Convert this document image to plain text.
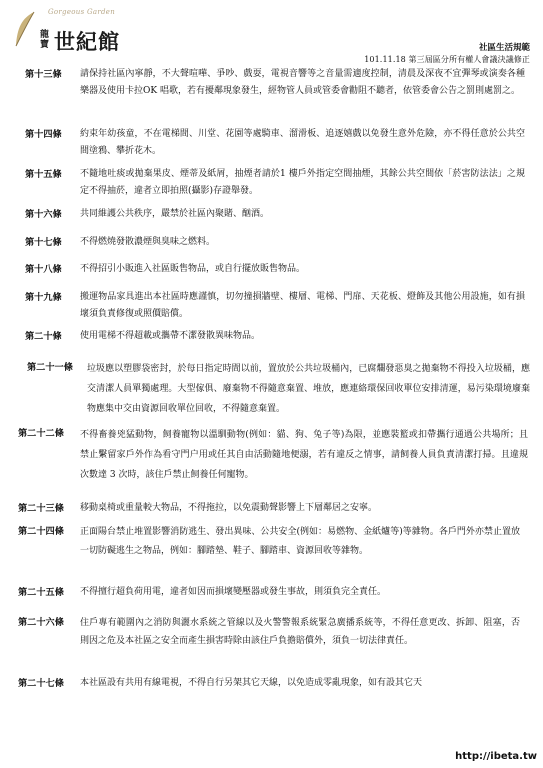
Gorgeous Garden
龍寶 世紀館	社區生活規範
101.11.18 第三屆區分所有權人會議決議修正
第十三條 請保持社區內寧靜，不大聲喧嘩、爭吵、戲耍，電視音響等之音量需適度控制，清晨及深夜不宜彈琴或演奏各種樂器及使用卡拉OK 唱歌，若有擾鄰現象發生，經物管人員或管委會勸阻不聽者，依管委會公告之罰則處罰之。
第十四條 約束年幼孩童，不在電梯間、川堂、花園等處騎車、溜滑板、追逐嬉戲以免發生意外危險，亦不得任意於公共空間塗鴉、攀折花木。
第十五條 不隨地吐痰或拋棄果皮、煙蒂及紙屑，抽煙者請於1 樓戶外指定空間抽煙，其餘公共空間依「菸害防法法」之規定不得抽菸，違者立即拍照(攝影)存證舉發。
第十六條 共同維護公共秩序，嚴禁於社區內聚賭、酗酒。
第十七條 不得燃燒發散濃煙與臭味之燃料。
第十八條 不得招引小販進入社區販售物品，或自行擺放販售物品。
第十九條 搬運物品家具進出本社區時應謹慎，切勿撞損牆壁、樓層、電梯、門扉、天花板、燈飾及其他公用設施，如有損壞須負責修復或照價賠償。
第二十條 使用電梯不得超載或攜帶不潔發散異味物品。
第二十一條 垃圾應以塑膠袋密封，於每日指定時間以前，置放於公共垃圾桶內，已腐爛發惡臭之拋棄物不得投入垃圾桶，應交清潔人員單獨處理。大型傢俱、廢棄物不得隨意棄置、堆放，應連絡環保回收單位安排清運，易污染環境廢棄物應集中交由資源回收單位回收，不得隨意棄置。
第二十二條 不得畜養兇猛動物，飼養寵物以溫馴動物(例如：貓、狗、兔子等)為限，並應裝籃或扣帶攜行通過公共場所；且禁止繫留家戶外作為看守門户用或任其自由活動隨地便溺，若有違反之情事，請飼養人員負責清潔打掃。且違規次數達 3 次時，該住戶禁止飼養任何寵物。
第二十三條 移動桌椅或重量較大物品，不得拖拉，以免震動聲影響上下層鄰居之安寧。
第二十四條 正面陽台禁止堆置影響消防逃生、發出異味、公共安全(例如：易燃物、金紙爐等)等雜物。各戶門外亦禁止置放一切防礙逃生之物品，例如：腳踏墊、鞋子、腳踏車、資源回收等雜物。
第二十五條 不得擅行超負荷用電，違者如因而損壞變壓器或發生事故，則須負完全責任。
第二十六條 住戶專有範圍內之消防與灑水系統之管線以及火警警報系統緊急廣播系統等，不得任意更改、拆卸、阻塞，否則因之危及本社區之安全而產生損害時除由該住戶負擔賠償外，須負一切法律責任。
第二十七條 本社區設有共用有線電視，不得自行另架其它天線，以免造成零亂現象，如有設其它天
http://ibeta.tw
